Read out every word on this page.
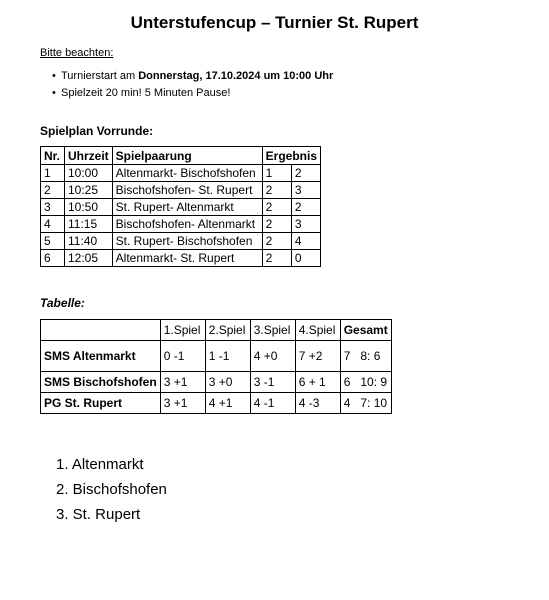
Unterstufencup – Turnier St. Rupert
Bitte beachten:
• Turnierstart am Donnerstag, 17.10.2024 um 10:00 Uhr
• Spielzeit 20 min! 5 Minuten Pause!
Spielplan Vorrunde:
Nr.	Uhrzeit	Spielpaarung	Ergebnis	
1	10:00	Altenmarkt- Bischofshofen	1	2
2	10:25	Bischofshofen- St. Rupert	2	3
3	10:50	St. Rupert- Altenmarkt	2	2
4	11:15	Bischofshofen- Altenmarkt	2	3
5	11:40	St. Rupert- Bischofshofen	2	4
6	12:05	Altenmarkt- St. Rupert	2	0
Tabelle:
	1.Spiel	2.Spiel	3.Spiel	4.Spiel	Gesamt
SMS Altenmarkt	0 -1	1 -1	4 +0	7 +2	7   8: 6
SMS Bischofshofen	3 +1	3 +0	3 -1	6 + 1	6   10: 9
PG St. Rupert	3 +1	4 +1	4 -1	4 -3	4   7: 10
1. Altenmarkt
2. Bischofshofen
3. St. Rupert
